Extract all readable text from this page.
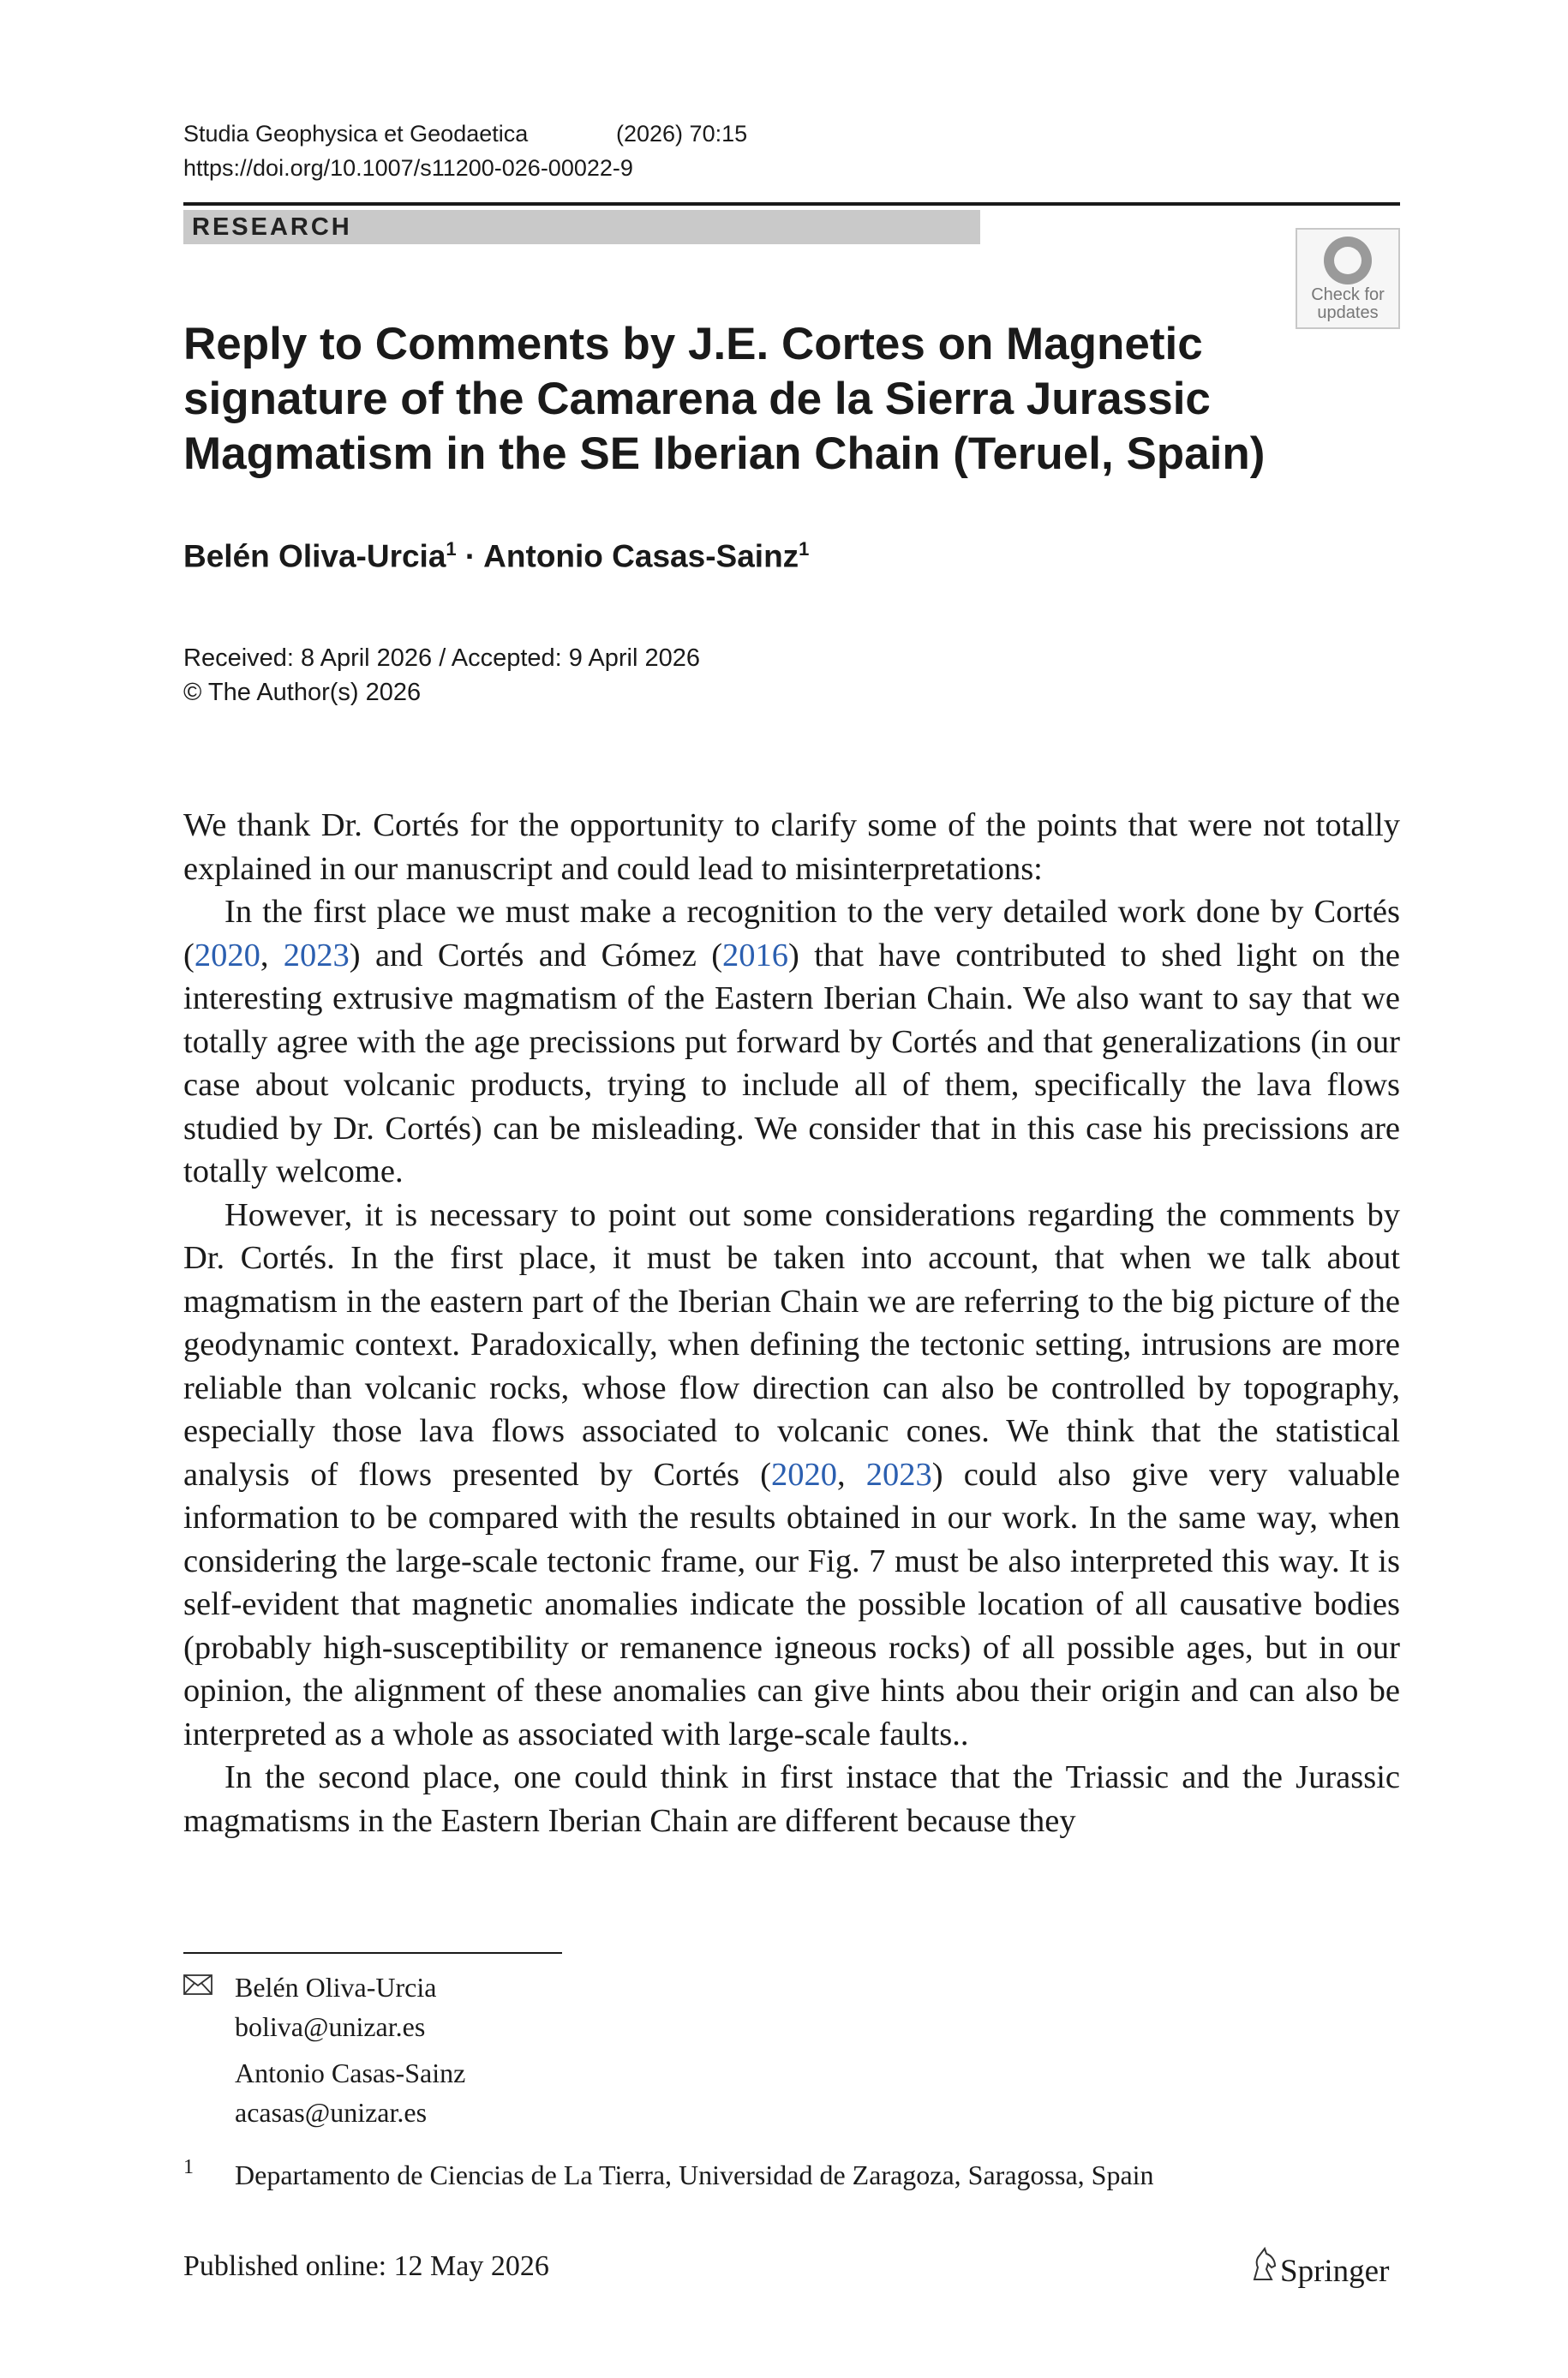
Studia Geophysica et Geodaetica	(2026) 70:15
https://doi.org/10.1007/s11200-026-00022-9
RESEARCH
Check for
updates
Reply to Comments by J.E. Cortes on Magnetic signature of the Camarena de la Sierra Jurassic Magmatism in the SE Iberian Chain (Teruel, Spain)
Belén Oliva-Urcia$^1$ · Antonio Casas-Sainz$^1$
Received: 8 April 2026 / Accepted: 9 April 2026
© The Author(s) 2026

We thank Dr. Cortés for the opportunity to clarify some of the points that were not totally explained in our manuscript and could lead to misinterpretations:

In the first place we must make a recognition to the very detailed work done by Cortés (2020, 2023) and Cortés and Gómez (2016) that have contributed to shed light on the interesting extrusive magmatism of the Eastern Iberian Chain. We also want to say that we totally agree with the age precissions put forward by Cortés and that generalizations (in our case about volcanic products, trying to include all of them, specifically the lava flows studied by Dr. Cortés) can be misleading. We consider that in this case his precissions are totally welcome.

However, it is necessary to point out some considerations regarding the comments by Dr. Cortés. In the first place, it must be taken into account, that when we talk about magmatism in the eastern part of the Iberian Chain we are referring to the big picture of the geodynamic context. Paradoxically, when defining the tectonic setting, intrusions are more reliable than volcanic rocks, whose flow direction can also be controlled by topography, especially those lava flows associated to volcanic cones. We think that the statistical analysis of flows presented by Cortés (2020, 2023) could also give very valuable information to be compared with the results obtained in our work. In the same way, when considering the large-scale tectonic frame, our Fig. 7 must be also interpreted this way. It is self-evident that magnetic anomalies indicate the possible location of all causative bodies (probably high-susceptibility or remanence igneous rocks) of all possible ages, but in our opinion, the alignment of these anomalies can give hints abou their origin and can also be interpreted as a whole as associated with large-scale faults..

In the second place, one could think in first instace that the Triassic and the Jurassic magmatisms in the Eastern Iberian Chain are different because they

Belén Oliva-Urcia
boliva@unizar.es
Antonio Casas-Sainz
acasas@unizar.es
1 Departamento de Ciencias de La Tierra, Universidad de Zaragoza, Saragossa, Spain
Published online: 12 May 2026	Springer
